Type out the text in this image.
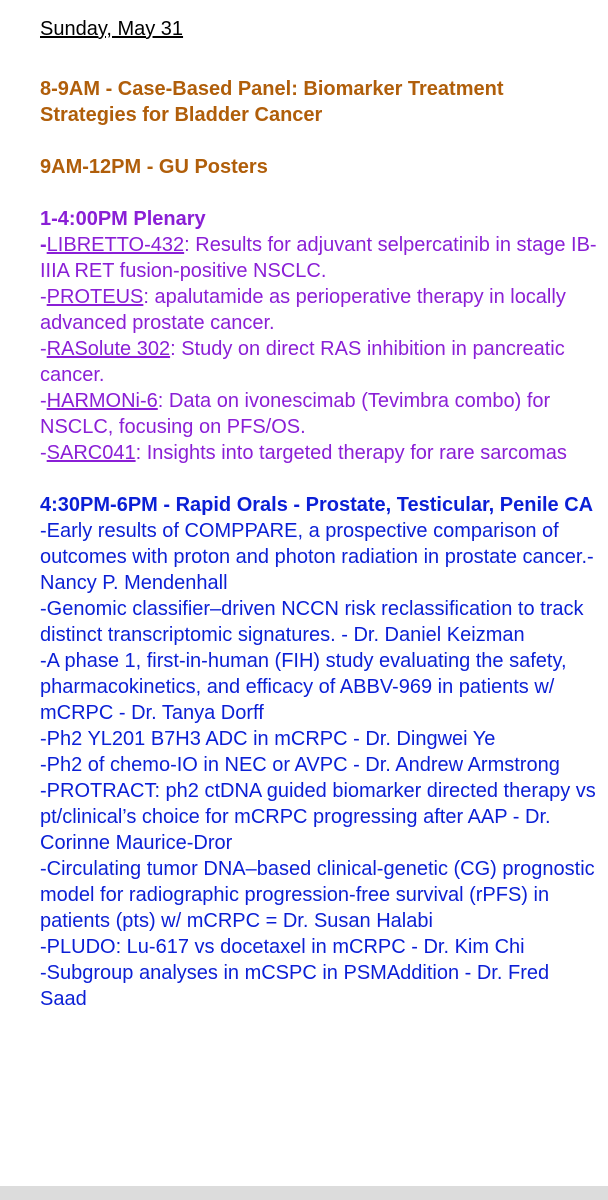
Sunday, May 31
8-9AM - Case-Based Panel: Biomarker Treatment Strategies for Bladder Cancer
9AM-12PM - GU Posters
1-4:00PM Plenary
-LIBRETTO-432: Results for adjuvant selpercatinib in stage IB-IIIA RET fusion-positive NSCLC.
-PROTEUS: apalutamide as perioperative therapy in locally advanced prostate cancer.
-RASolute 302: Study on direct RAS inhibition in pancreatic cancer.
-HARMONi-6: Data on ivonescimab (Tevimbra combo) for NSCLC, focusing on PFS/OS.
-SARC041: Insights into targeted therapy for rare sarcomas
4:30PM-6PM - Rapid Orals - Prostate, Testicular, Penile CA
-Early results of COMPPARE, a prospective comparison of outcomes with proton and photon radiation in prostate cancer.- Nancy P. Mendenhall
-Genomic classifier–driven NCCN risk reclassification to track distinct transcriptomic signatures. - Dr. Daniel Keizman
-A phase 1, first-in-human (FIH) study evaluating the safety, pharmacokinetics, and efficacy of ABBV-969 in patients w/ mCRPC - Dr. Tanya Dorff
-Ph2 YL201 B7H3 ADC in mCRPC - Dr. Dingwei Ye
-Ph2 of chemo-IO in NEC or AVPC - Dr. Andrew Armstrong
-PROTRACT: ph2 ctDNA guided biomarker directed therapy vs pt/clinical’s choice for mCRPC progressing after AAP - Dr. Corinne Maurice-Dror
-Circulating tumor DNA–based clinical-genetic (CG) prognostic model for radiographic progression-free survival (rPFS) in patients (pts) w/ mCRPC = Dr. Susan Halabi
-PLUDO: Lu-617 vs docetaxel in mCRPC - Dr. Kim Chi
-Subgroup analyses in mCSPC in PSMAddition - Dr. Fred Saad
